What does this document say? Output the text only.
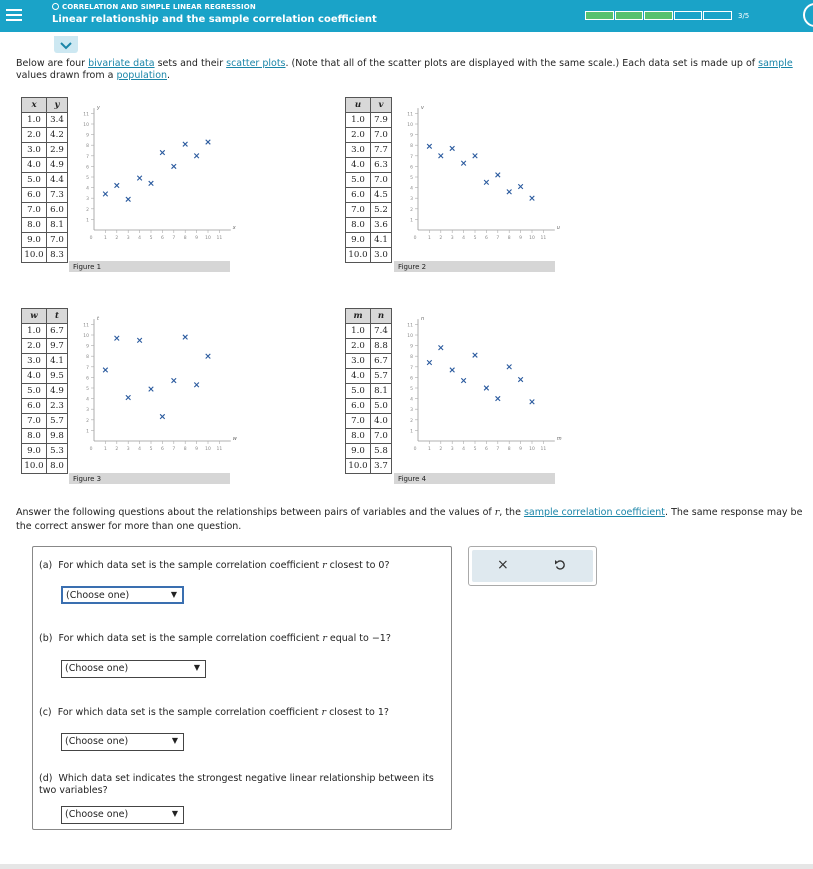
CORRELATION AND SIMPLE LINEAR REGRESSION
Linear relationship and the sample correlation coefficient	3/5
Below are four bivariate data sets and their scatter plots. (Note that all of the scatter plots are displayed with the same scale.) Each data set is made up of sample values drawn from a population.
x	y
1.0	3.4
2.0	4.2
3.0	2.9
4.0	4.9
5.0	4.4
6.0	7.3
7.0	6.0
8.0	8.1
9.0	7.0
10.0	8.3
Figure 1
1
1
2
2
3
3
4
4
5
5
6
6
7
7
8
8
9
9
10
10
11
11
0
y
x
u	v
1.0	7.9
2.0	7.0
3.0	7.7
4.0	6.3
5.0	7.0
6.0	4.5
7.0	5.2
8.0	3.6
9.0	4.1
10.0	3.0
Figure 2
1
1
2
2
3
3
4
4
5
5
6
6
7
7
8
8
9
9
10
10
11
11
0
v
u
w	t
1.0	6.7
2.0	9.7
3.0	4.1
4.0	9.5
5.0	4.9
6.0	2.3
7.0	5.7
8.0	9.8
9.0	5.3
10.0	8.0
Figure 3
1
1
2
2
3
3
4
4
5
5
6
6
7
7
8
8
9
9
10
10
11
11
0
t
w
m	n
1.0	7.4
2.0	8.8
3.0	6.7
4.0	5.7
5.0	8.1
6.0	5.0
7.0	4.0
8.0	7.0
9.0	5.8
10.0	3.7
Figure 4
1
1
2
2
3
3
4
4
5
5
6
6
7
7
8
8
9
9
10
10
11
11
0
n
m
Answer the following questions about the relationships between pairs of variables and the values of r, the sample correlation coefficient. The same response may be the correct answer for more than one question.
(a) For which data set is the sample correlation coefficient r closest to 0?
(Choose one)	▼
(b) For which data set is the sample correlation coefficient r equal to −1?
(Choose one)	▼
(c) For which data set is the sample correlation coefficient r closest to 1?
(Choose one)	▼
(d) Which data set indicates the strongest negative linear relationship between its two variables?
(Choose one)	▼
×
